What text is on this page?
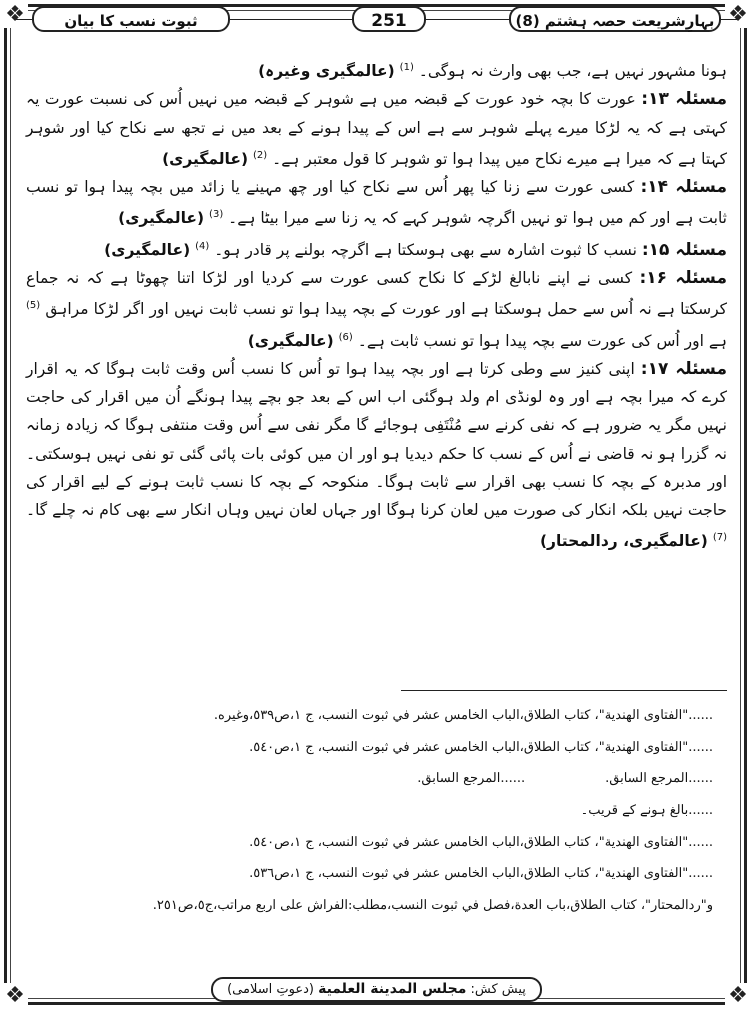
❖	❖
❖	❖
بہارِشریعت حصہ ہشتم (8)
251
ثبوت نسب کا بیان

ہونا مشہور نہیں ہے، جب بھی وارث نہ ہوگی۔ $^{(1)}$ (عالمگیری وغیرہ)

مسئلہ ۱۳: عورت کا بچہ خود عورت کے قبضہ میں ہے شوہر کے قبضہ میں نہیں اُس کی نسبت عورت یہ کہتی ہے کہ یہ لڑکا میرے پہلے شوہر سے ہے اس کے پیدا ہونے کے بعد میں نے تجھ سے نکاح کیا اور شوہر کہتا ہے کہ میرا ہے میرے نکاح میں پیدا ہوا تو شوہر کا قول معتبر ہے۔ $^{(2)}$ (عالمگیری)

مسئلہ ۱۴: کسی عورت سے زنا کیا پھر اُس سے نکاح کیا اور چھ مہینے یا زائد میں بچہ پیدا ہوا تو نسب ثابت ہے اور کم میں ہوا تو نہیں اگرچہ شوہر کہے کہ یہ زنا سے میرا بیٹا ہے۔ $^{(3)}$ (عالمگیری)

مسئلہ ۱۵: نسب کا ثبوت اشارہ سے بھی ہوسکتا ہے اگرچہ بولنے پر قادر ہو۔ $^{(4)}$ (عالمگیری)

مسئلہ ۱۶: کسی نے اپنے نابالغ لڑکے کا نکاح کسی عورت سے کردیا اور لڑکا اتنا چھوٹا ہے کہ نہ جماع کرسکتا ہے نہ اُس سے حمل ہوسکتا ہے اور عورت کے بچہ پیدا ہوا تو نسب ثابت نہیں اور اگر لڑکا مراہق $^{(5)}$ ہے اور اُس کی عورت سے بچہ پیدا ہوا تو نسب ثابت ہے۔ $^{(6)}$ (عالمگیری)

مسئلہ ۱۷: اپنی کنیز سے وطی کرتا ہے اور بچہ پیدا ہوا تو اُس کا نسب اُس وقت ثابت ہوگا کہ یہ اقرار کرے کہ میرا بچہ ہے اور وہ لونڈی ام ولد ہوگئی اب اس کے بعد جو بچے پیدا ہونگے اُن میں اقرار کی حاجت نہیں مگر یہ ضرور ہے کہ نفی کرنے سے مُنْتَفِی ہوجائے گا مگر نفی سے اُس وقت منتفی ہوگا کہ زیادہ زمانہ نہ گزرا ہو نہ قاضی نے اُس کے نسب کا حکم دیدیا ہو اور ان میں کوئی بات پائی گئی تو نفی نہیں ہوسکتی۔ اور مدبرہ کے بچہ کا نسب بھی اقرار سے ثابت ہوگا۔ منکوحہ کے بچہ کا نسب ثابت ہونے کے لیے اقرار کی حاجت نہیں بلکہ انکار کی صورت میں لعان کرنا ہوگا اور جہاں لعان نہیں وہاں انکار سے بھی کام نہ چلے گا۔ $^{(7)}$ (عالمگیری، ردالمحتار)

......"الفتاوى الهندية"، كتاب الطلاق،الباب الخامس عشر في ثبوت النسب، ج ١،ص٥٣٩،وغيره.
......"الفتاوى الهندية"، كتاب الطلاق،الباب الخامس عشر في ثبوت النسب، ج ١،ص٥٤٠.
......المرجع السابق.
......المرجع السابق.
......بالغ ہونے کے قریب۔
......"الفتاوى الهندية"، كتاب الطلاق،الباب الخامس عشر في ثبوت النسب، ج ١،ص٥٤٠.
......"الفتاوى الهندية"، كتاب الطلاق،الباب الخامس عشر في ثبوت النسب، ج ١،ص٥٣٦.
و"ردالمحتار"، كتاب الطلاق،باب العدة،فصل في ثبوت النسب،مطلب:الفراش على اربع مراتب،ج٥،ص٢٥١.
پیش کش: مجلس المدينة العلمية (دعوتِ اسلامی)
